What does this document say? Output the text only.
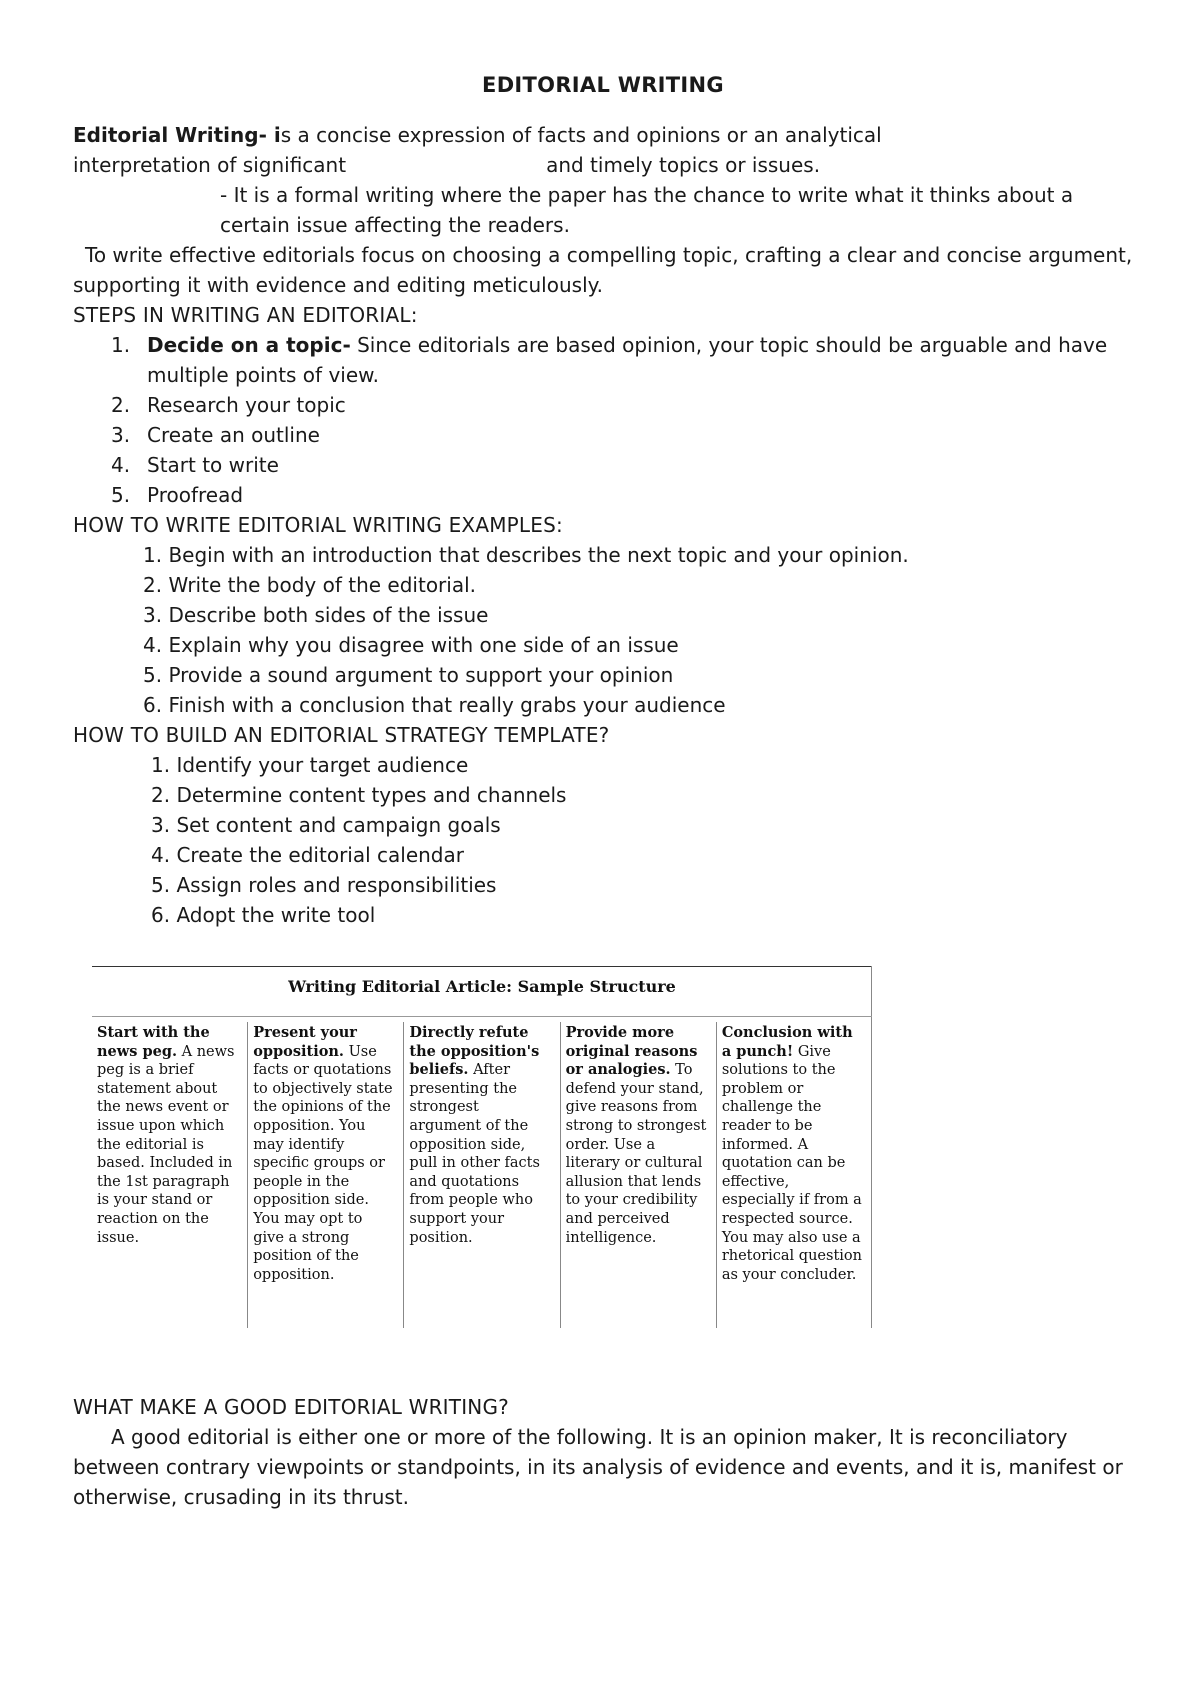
EDITORIAL WRITING

Editorial Writing- is a concise expression of facts and opinions or an analytical
interpretation of significant	and timely topics or issues.

- It is a formal writing where the paper has the chance to write what it thinks about a

certain issue affecting the readers.

To write effective editorials focus on choosing a compelling topic, crafting a clear and concise argument, supporting it with evidence and editing meticulously.

STEPS IN WRITING AN EDITORIAL:

1. Decide on a topic- Since editorials are based opinion, your topic should be arguable and have multiple points of view.
2. Research your topic
3. Create an outline
4. Start to write
5. Proofread

HOW TO WRITE EDITORIAL WRITING EXAMPLES:

1. Begin with an introduction that describes the next topic and your opinion.
2. Write the body of the editorial.
3. Describe both sides of the issue
4. Explain why you disagree with one side of an issue
5. Provide a sound argument to support your opinion
6. Finish with a conclusion that really grabs your audience

HOW TO BUILD AN EDITORIAL STRATEGY TEMPLATE?

1. Identify your target audience
2. Determine content types and channels
3. Set content and campaign goals
4. Create the editorial calendar
5. Assign roles and responsibilities
6. Adopt the write tool
Writing Editorial Article: Sample Structure
Start with the news peg. A news peg is a brief statement about the news event or issue upon which the editorial is based. Included in the 1st paragraph is your stand or reaction on the issue.
Present your opposition. Use facts or quotations to objectively state the opinions of the opposition. You may identify specific groups or people in the opposition side. You may opt to give a strong position of the opposition.
Directly refute the opposition's beliefs. After presenting the strongest argument of the opposition side, pull in other facts and quotations from people who support your position.
Provide more original reasons or analogies. To defend your stand, give reasons from strong to strongest order. Use a literary or cultural allusion that lends to your credibility and perceived intelligence.
Conclusion with a punch! Give solutions to the problem or challenge the reader to be informed. A quotation can be effective, especially if from a respected source. You may also use a rhetorical question as your concluder.

WHAT MAKE A GOOD EDITORIAL WRITING?

A good editorial is either one or more of the following. It is an opinion maker, It is reconciliatory between contrary viewpoints or standpoints, in its analysis of evidence and events, and it is, manifest or otherwise, crusading in its thrust.
